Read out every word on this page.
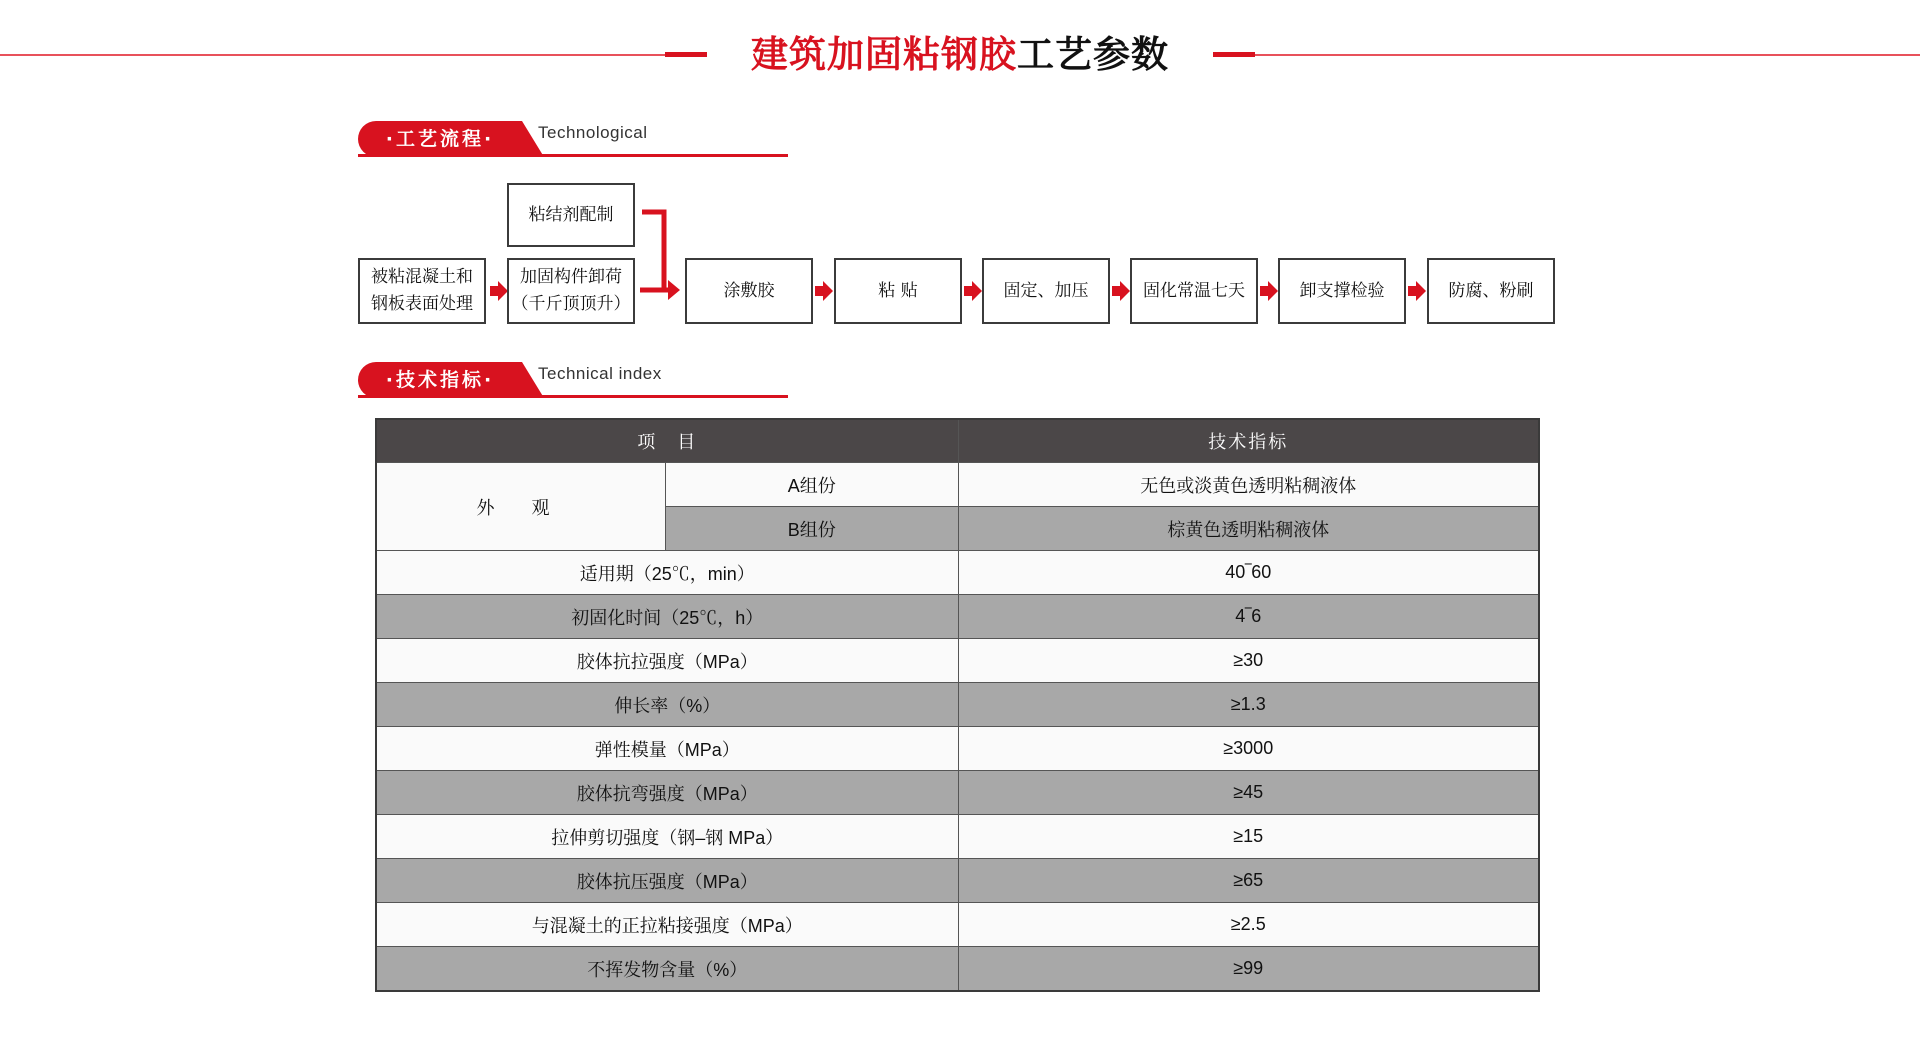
建筑加固粘钢胶工艺参数
·工艺流程·	Technological
被粘混凝土和
钢板表面处理
粘结剂配制
加固构件卸荷
（千斤顶顶升）
涂敷胶	粘 贴	固定、加压	固化常温七天	卸支撑检验	防腐、粉刷
·技术指标·	Technical index
项　目		技术指标
外 观	A组份	无色或淡黄色透明粘稠液体
	B组份	棕黄色透明粘稠液体
适用期（25℃，min）		40‾60
初固化时间（25℃，h）		4‾6
胶体抗拉强度（MPa）		≥30
伸长率（%）		≥1.3
弹性模量（MPa）		≥3000
胶体抗弯强度（MPa）		≥45
拉伸剪切强度（钢–钢 MPa）		≥15
胶体抗压强度（MPa）		≥65
与混凝土的正拉粘接强度（MPa）		≥2.5
不挥发物含量（%）		≥99
